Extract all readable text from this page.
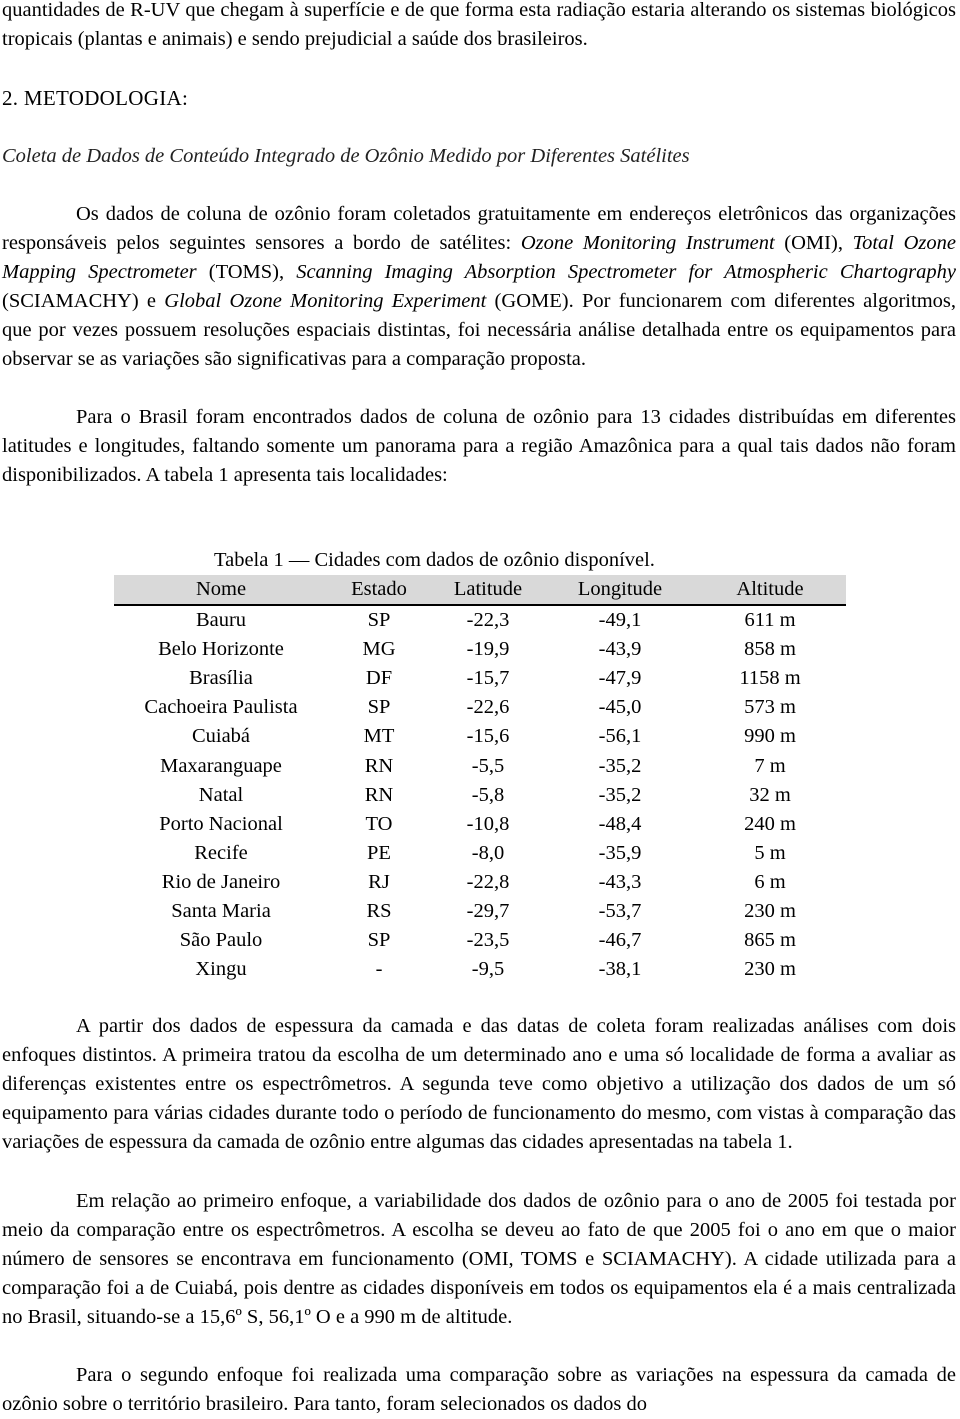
quantidades de R-UV que chegam à superfície e de que forma esta radiação estaria alterando os sistemas biológicos tropicais (plantas e animais) e sendo prejudicial a saúde dos brasileiros.

2. METODOLOGIA:
Coleta de Dados de Conteúdo Integrado de Ozônio Medido por Diferentes Satélites

Os dados de coluna de ozônio foram coletados gratuitamente em endereços eletrônicos das organizações responsáveis pelos seguintes sensores a bordo de satélites: Ozone Monitoring Instrument (OMI), Total Ozone Mapping Spectrometer (TOMS), Scanning Imaging Absorption Spectrometer for Atmospheric Chartography (SCIAMACHY) e Global Ozone Monitoring Experiment (GOME). Por funcionarem com diferentes algoritmos, que por vezes possuem resoluções espaciais distintas, foi necessária análise detalhada entre os equipamentos para observar se as variações são significativas para a comparação proposta.

Para o Brasil foram encontrados dados de coluna de ozônio para 13 cidades distribuídas em diferentes latitudes e longitudes, faltando somente um panorama para a região Amazônica para a qual tais dados não foram disponibilizados. A tabela 1 apresenta tais localidades:

Tabela 1 — Cidades com dados de ozônio disponível.
Nome	Estado	Latitude	Longitude	Altitude
Bauru	SP	-22,3	-49,1	611 m
Belo Horizonte	MG	-19,9	-43,9	858 m
Brasília	DF	-15,7	-47,9	1158 m
Cachoeira Paulista	SP	-22,6	-45,0	573 m
Cuiabá	MT	-15,6	-56,1	990 m
Maxaranguape	RN	-5,5	-35,2	7 m
Natal	RN	-5,8	-35,2	32 m
Porto Nacional	TO	-10,8	-48,4	240 m
Recife	PE	-8,0	-35,9	5 m
Rio de Janeiro	RJ	-22,8	-43,3	6 m
Santa Maria	RS	-29,7	-53,7	230 m
São Paulo	SP	-23,5	-46,7	865 m
Xingu	-	-9,5	-38,1	230 m

A partir dos dados de espessura da camada e das datas de coleta foram realizadas análises com dois enfoques distintos. A primeira tratou da escolha de um determinado ano e uma só localidade de forma a avaliar as diferenças existentes entre os espectrômetros. A segunda teve como objetivo a utilização dos dados de um só equipamento para várias cidades durante todo o período de funcionamento do mesmo, com vistas à comparação das variações de espessura da camada de ozônio entre algumas das cidades apresentadas na tabela 1.

Em relação ao primeiro enfoque, a variabilidade dos dados de ozônio para o ano de 2005 foi testada por meio da comparação entre os espectrômetros. A escolha se deveu ao fato de que 2005 foi o ano em que o maior número de sensores se encontrava em funcionamento (OMI, TOMS e SCIAMACHY). A cidade utilizada para a comparação foi a de Cuiabá, pois dentre as cidades disponíveis em todos os equipamentos ela é a mais centralizada no Brasil, situando-se a 15,6º S, 56,1º O e a 990 m de altitude.

Para o segundo enfoque foi realizada uma comparação sobre as variações na espessura da camada de ozônio sobre o território brasileiro. Para tanto, foram selecionados os dados do
